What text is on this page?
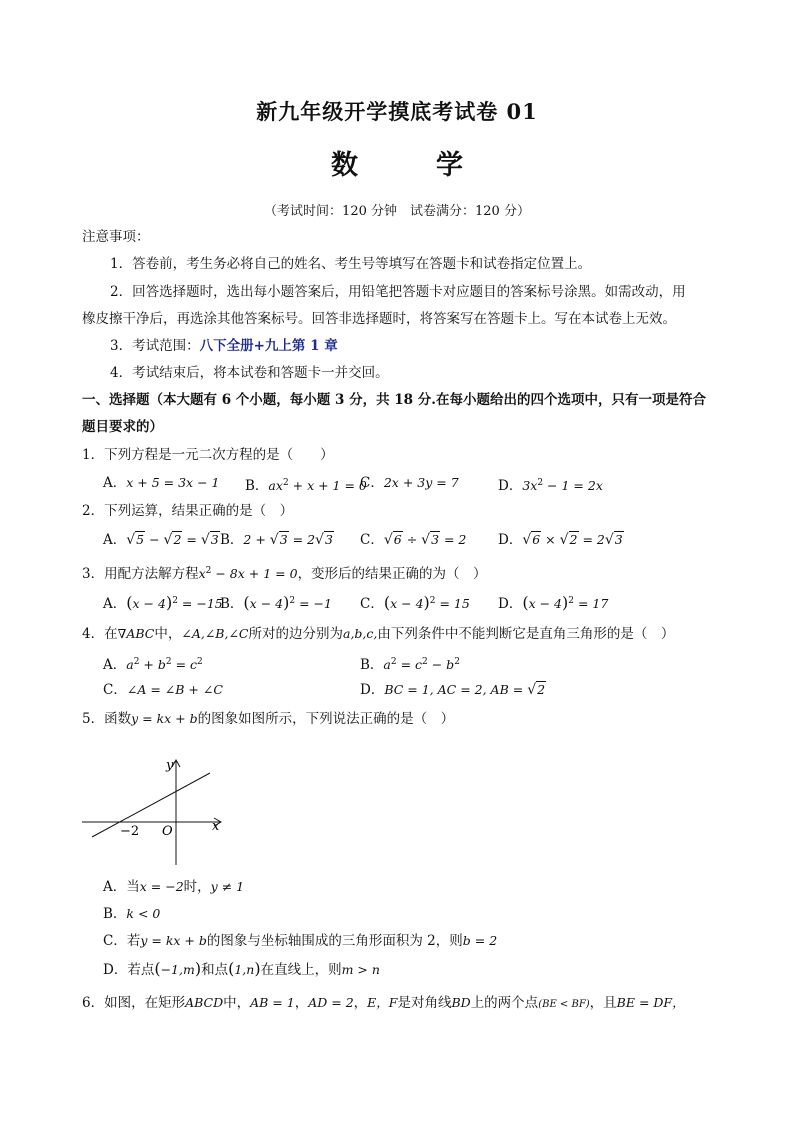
新九年级开学摸底考试卷 01
数	学
（考试时间：120 分钟　试卷满分：120 分）
注意事项：
1．答卷前，考生务必将自己的姓名、考生号等填写在答题卡和试卷指定位置上。
2．回答选择题时，选出每小题答案后，用铅笔把答题卡对应题目的答案标号涂黑。如需改动，用
橡皮擦干净后，再选涂其他答案标号。回答非选择题时，将答案写在答题卡上。写在本试卷上无效。
3．考试范围：八下全册+九上第 1 章
4．考试结束后，将本试卷和答题卡一并交回。
一、选择题（本大题有 6 个小题，每小题 3 分，共 18 分.在每小题给出的四个选项中，只有一项是符合
题目要求的）
1．下列方程是一元二次方程的是（　　）
A．x + 5 = 3x − 1 B．$ax^2 + x + 1 = 0$
C．2x + 3y = 7	D．$3x^2 - 1 = 2x$
2．下列运算，结果正确的是（　）
A．√5 − √2 = √3 B．2 + √3 = 2√3 C．√6 ÷ √3 = 2 D．√6 × √2 = 2√3
3．用配方法解方程$x^2 - 8x + 1 = 0$，变形后的结果正确的为（　）
A．$(x - 4)^2 = -15$
B．$(x - 4)^2 = -1$ C．$(x - 4)^2 = 15$ D．$(x - 4)^2 = 17$
4．在∇ABC中，∠A,∠B,∠C所对的边分别为a,b,c,由下列条件中不能判断它是直角三角形的是（　）
A．$a^2 + b^2 = c^2$	B．$a^2 = c^2 - b^2$
C．∠A = ∠B + ∠C	D．BC = 1, AC = 2, AB = √2
5．函数y = kx + b的图象如图所示，下列说法正确的是（　）
x
y
O
−2
A．当x = −2时，y ≠ 1
B．k < 0
C．若y = kx + b的图象与坐标轴围成的三角形面积为 2，则b = 2
D．若点(−1,m)和点(1,n)在直线上，则m > n
6．如图，在矩形ABCD中，AB = 1，AD = 2，E，F是对角线BD上的两个点(BE < BF)，且BE = DF，
